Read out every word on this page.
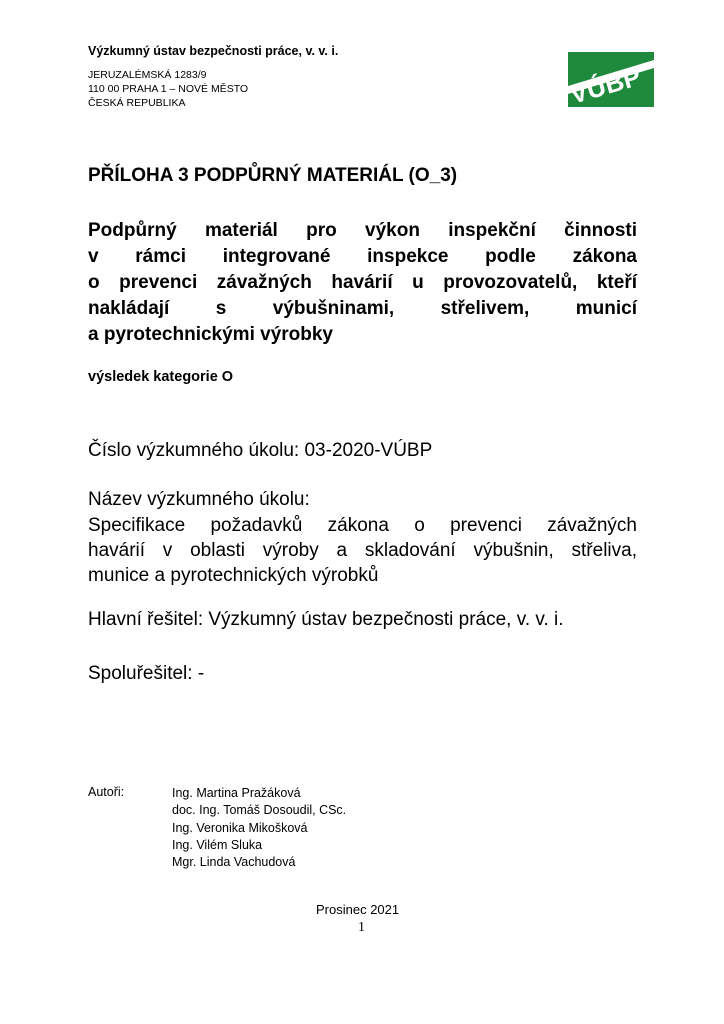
Výzkumný ústav bezpečnosti práce, v. v. i.
JERUZALÉMSKÁ 1283/9
110 00 PRAHA 1 – NOVÉ MĚSTO
ČESKÁ REPUBLIKA	VÚBP
PŘÍLOHA 3 PODPŮRNÝ MATERIÁL (O_3)
Podpůrný materiál pro výkon inspekční činnosti
v rámci integrované inspekce podle zákona
o prevenci závažných havárií u provozovatelů, kteří
nakládají s výbušninami, střelivem, municí
a pyrotechnickými výrobky
výsledek kategorie O
Číslo výzkumného úkolu: 03-2020-VÚBP
Název výzkumného úkolu:
Specifikace požadavků zákona o prevenci závažných
havárií v oblasti výroby a skladování výbušnin, střeliva,
munice a pyrotechnických výrobků
Hlavní řešitel: Výzkumný ústav bezpečnosti práce, v. v. i.
Spoluřešitel: -
Autoři:	Ing. Martina Pražáková
doc. Ing. Tomáš Dosoudil, CSc.
Ing. Veronika Mikošková
Ing. Vilém Sluka
Mgr. Linda Vachudová
Prosinec 2021
1
